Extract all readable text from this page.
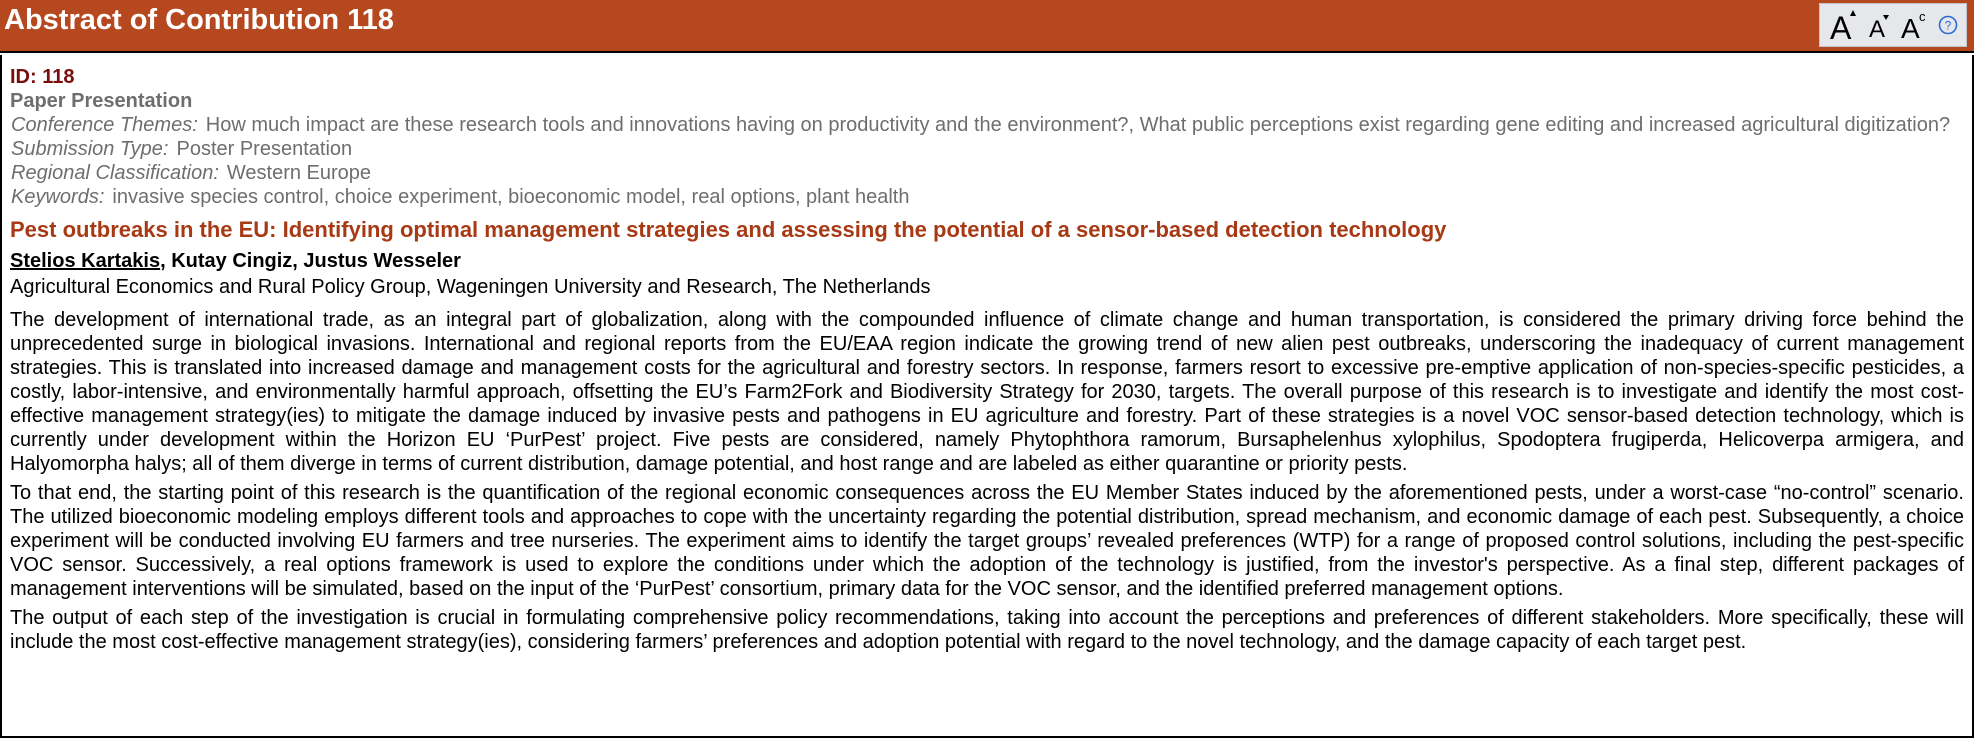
Abstract of Contribution 118	A A A c
?
ID: 118
Paper Presentation
Conference Themes: How much impact are these research tools and innovations having on productivity and the environment?, What public perceptions exist regarding gene editing and increased agricultural digitization?
Submission Type: Poster Presentation
Regional Classification: Western Europe
Keywords: invasive species control, choice experiment, bioeconomic model, real options, plant health
Pest outbreaks in the EU: Identifying optimal management strategies and assessing the potential of a sensor-based detection technology
Stelios Kartakis, Kutay Cingiz, Justus Wesseler
Agricultural Economics and Rural Policy Group, Wageningen University and Research, The Netherlands

The development of international trade, as an integral part of globalization, along with the compounded influence of climate change and human transportation, is considered the primary driving force behind the unprecedented surge in biological invasions. International and regional reports from the EU/EAA region indicate the growing trend of new alien pest outbreaks, underscoring the inadequacy of current management strategies. This is translated into increased damage and management costs for the agricultural and forestry sectors. In response, farmers resort to excessive pre-emptive application of non-species-specific pesticides, a costly, labor-intensive, and environmentally harmful approach, offsetting the EU’s Farm2Fork and Biodiversity Strategy for 2030, targets. The overall purpose of this research is to investigate and identify the most cost-effective management strategy(ies) to mitigate the damage induced by invasive pests and pathogens in EU agriculture and forestry. Part of these strategies is a novel VOC sensor-based detection technology, which is currently under development within the Horizon EU ‘PurPest’ project. Five pests are considered, namely Phytophthora ramorum, Bursaphelenhus xylophilus, Spodoptera frugiperda, Helicoverpa armigera, and Halyomorpha halys; all of them diverge in terms of current distribution, damage potential, and host range and are labeled as either quarantine or priority pests.

To that end, the starting point of this research is the quantification of the regional economic consequences across the EU Member States induced by the aforementioned pests, under a worst-case “no-control” scenario. The utilized bioeconomic modeling employs different tools and approaches to cope with the uncertainty regarding the potential distribution, spread mechanism, and economic damage of each pest. Subsequently, a choice experiment will be conducted involving EU farmers and tree nurseries. The experiment aims to identify the target groups’ revealed preferences (WTP) for a range of proposed control solutions, including the pest-specific VOC sensor. Successively, a real options framework is used to explore the conditions under which the adoption of the technology is justified, from the investor's perspective. As a final step, different packages of management interventions will be simulated, based on the input of the ‘PurPest’ consortium, primary data for the VOC sensor, and the identified preferred management options.

The output of each step of the investigation is crucial in formulating comprehensive policy recommendations, taking into account the perceptions and preferences of different stakeholders. More specifically, these will include the most cost-effective management strategy(ies), considering farmers’ preferences and adoption potential with regard to the novel technology, and the damage capacity of each target pest.
